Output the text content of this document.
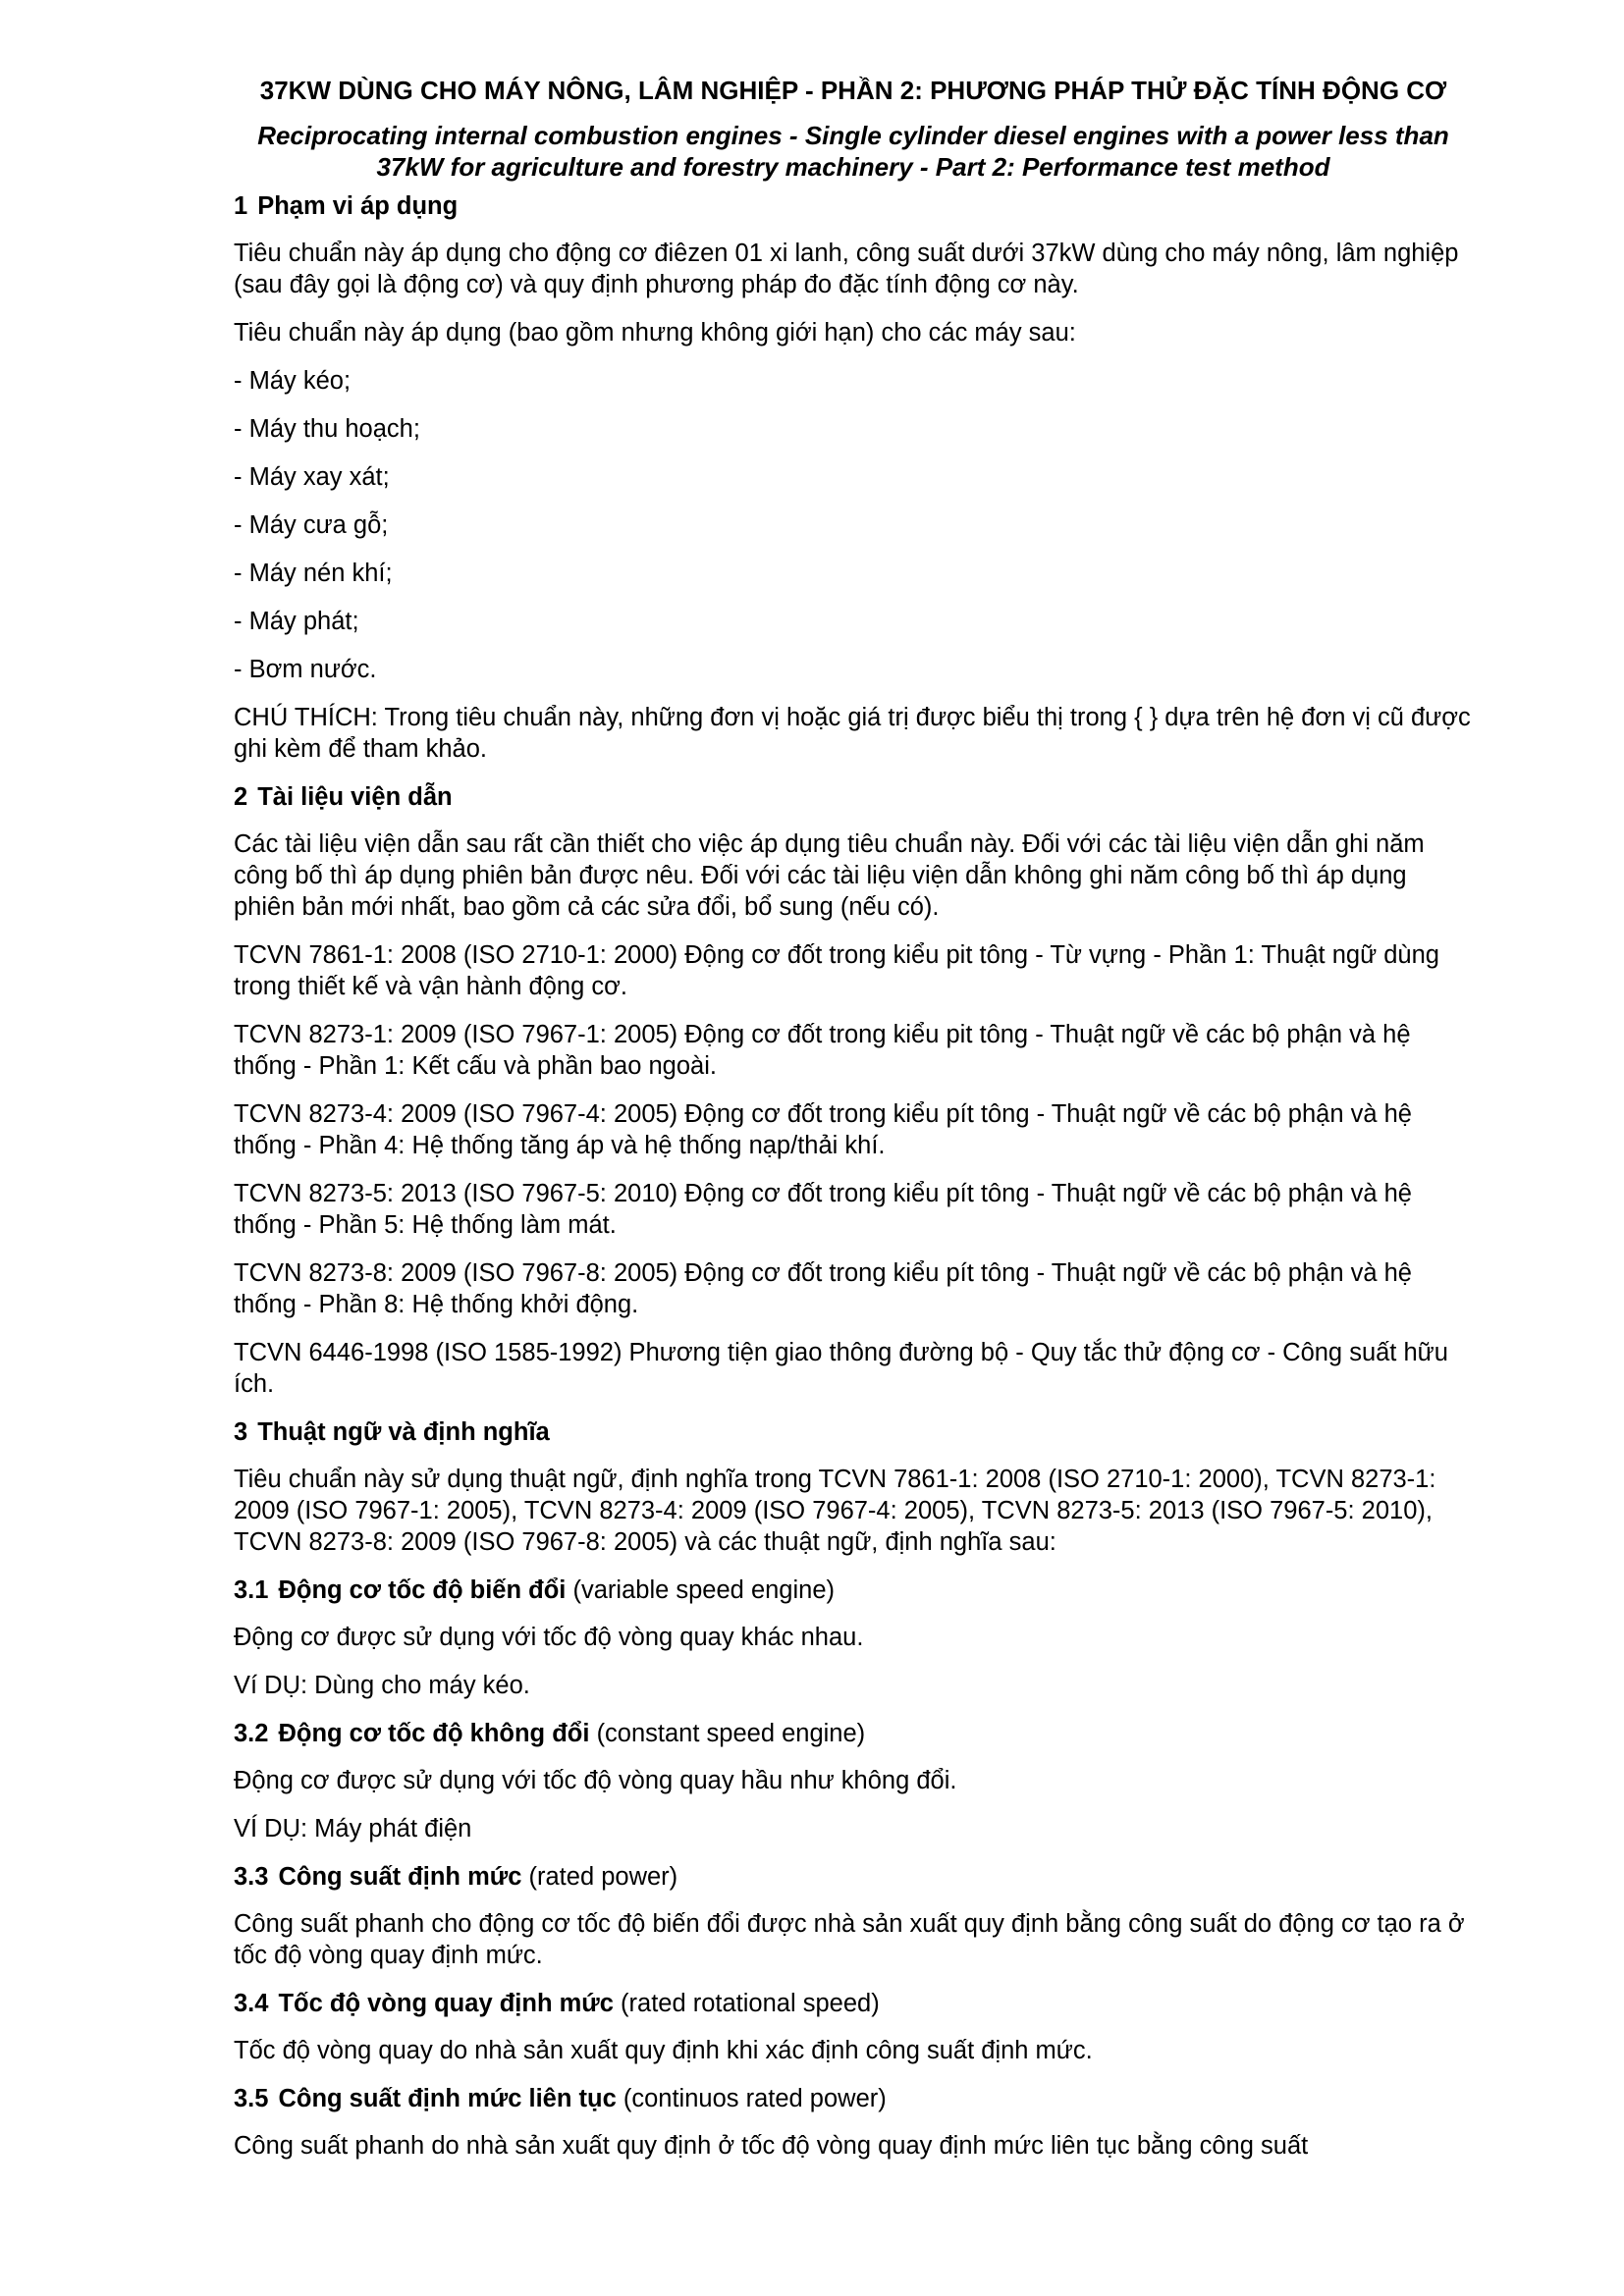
37KW DÙNG CHO MÁY NÔNG, LÂM NGHIỆP - PHẦN 2: PHƯƠNG PHÁP THỬ ĐẶC TÍNH ĐỘNG CƠ
Reciprocating internal combustion engines - Single cylinder diesel engines with a power less than 37kW for agriculture and forestry machinery - Part 2: Performance test method
1 Phạm vi áp dụng

Tiêu chuẩn này áp dụng cho động cơ điêzen 01 xi lanh, công suất dưới 37kW dùng cho máy nông, lâm nghiệp (sau đây gọi là động cơ) và quy định phương pháp đo đặc tính động cơ này.

Tiêu chuẩn này áp dụng (bao gồm nhưng không giới hạn) cho các máy sau:

- Máy kéo;

- Máy thu hoạch;

- Máy xay xát;

- Máy cưa gỗ;

- Máy nén khí;

- Máy phát;

- Bơm nước.

CHÚ THÍCH: Trong tiêu chuẩn này, những đơn vị hoặc giá trị được biểu thị trong { } dựa trên hệ đơn vị cũ được ghi kèm để tham khảo.

2 Tài liệu viện dẫn

Các tài liệu viện dẫn sau rất cần thiết cho việc áp dụng tiêu chuẩn này. Đối với các tài liệu viện dẫn ghi năm công bố thì áp dụng phiên bản được nêu. Đối với các tài liệu viện dẫn không ghi năm công bố thì áp dụng phiên bản mới nhất, bao gồm cả các sửa đổi, bổ sung (nếu có).

TCVN 7861-1: 2008 (ISO 2710-1: 2000) Động cơ đốt trong kiểu pit tông - Từ vựng - Phần 1: Thuật ngữ dùng trong thiết kế và vận hành động cơ.

TCVN 8273-1: 2009 (ISO 7967-1: 2005) Động cơ đốt trong kiểu pit tông - Thuật ngữ về các bộ phận và hệ thống - Phần 1: Kết cấu và phần bao ngoài.

TCVN 8273-4: 2009 (ISO 7967-4: 2005) Động cơ đốt trong kiểu pít tông - Thuật ngữ về các bộ phận và hệ thống - Phần 4: Hệ thống tăng áp và hệ thống nạp/thải khí.

TCVN 8273-5: 2013 (ISO 7967-5: 2010) Động cơ đốt trong kiểu pít tông - Thuật ngữ về các bộ phận và hệ thống - Phần 5: Hệ thống làm mát.

TCVN 8273-8: 2009 (ISO 7967-8: 2005) Động cơ đốt trong kiểu pít tông - Thuật ngữ về các bộ phận và hệ thống - Phần 8: Hệ thống khởi động.

TCVN 6446-1998 (ISO 1585-1992) Phương tiện giao thông đường bộ - Quy tắc thử động cơ - Công suất hữu ích.

3 Thuật ngữ và định nghĩa

Tiêu chuẩn này sử dụng thuật ngữ, định nghĩa trong TCVN 7861-1: 2008 (ISO 2710-1: 2000), TCVN 8273-1: 2009 (ISO 7967-1: 2005), TCVN 8273-4: 2009 (ISO 7967-4: 2005), TCVN 8273-5: 2013 (ISO 7967-5: 2010), TCVN 8273-8: 2009 (ISO 7967-8: 2005) và các thuật ngữ, định nghĩa sau:

3.1 Động cơ tốc độ biến đổi (variable speed engine)

Động cơ được sử dụng với tốc độ vòng quay khác nhau.

Ví DỤ: Dùng cho máy kéo.

3.2 Động cơ tốc độ không đổi (constant speed engine)

Động cơ được sử dụng với tốc độ vòng quay hầu như không đổi.

VÍ DỤ: Máy phát điện

3.3 Công suất định mức (rated power)

Công suất phanh cho động cơ tốc độ biến đổi được nhà sản xuất quy định bằng công suất do động cơ tạo ra ở tốc độ vòng quay định mức.

3.4 Tốc độ vòng quay định mức (rated rotational speed)

Tốc độ vòng quay do nhà sản xuất quy định khi xác định công suất định mức.

3.5 Công suất định mức liên tục (continuos rated power)

Công suất phanh do nhà sản xuất quy định ở tốc độ vòng quay định mức liên tục bằng công suất
